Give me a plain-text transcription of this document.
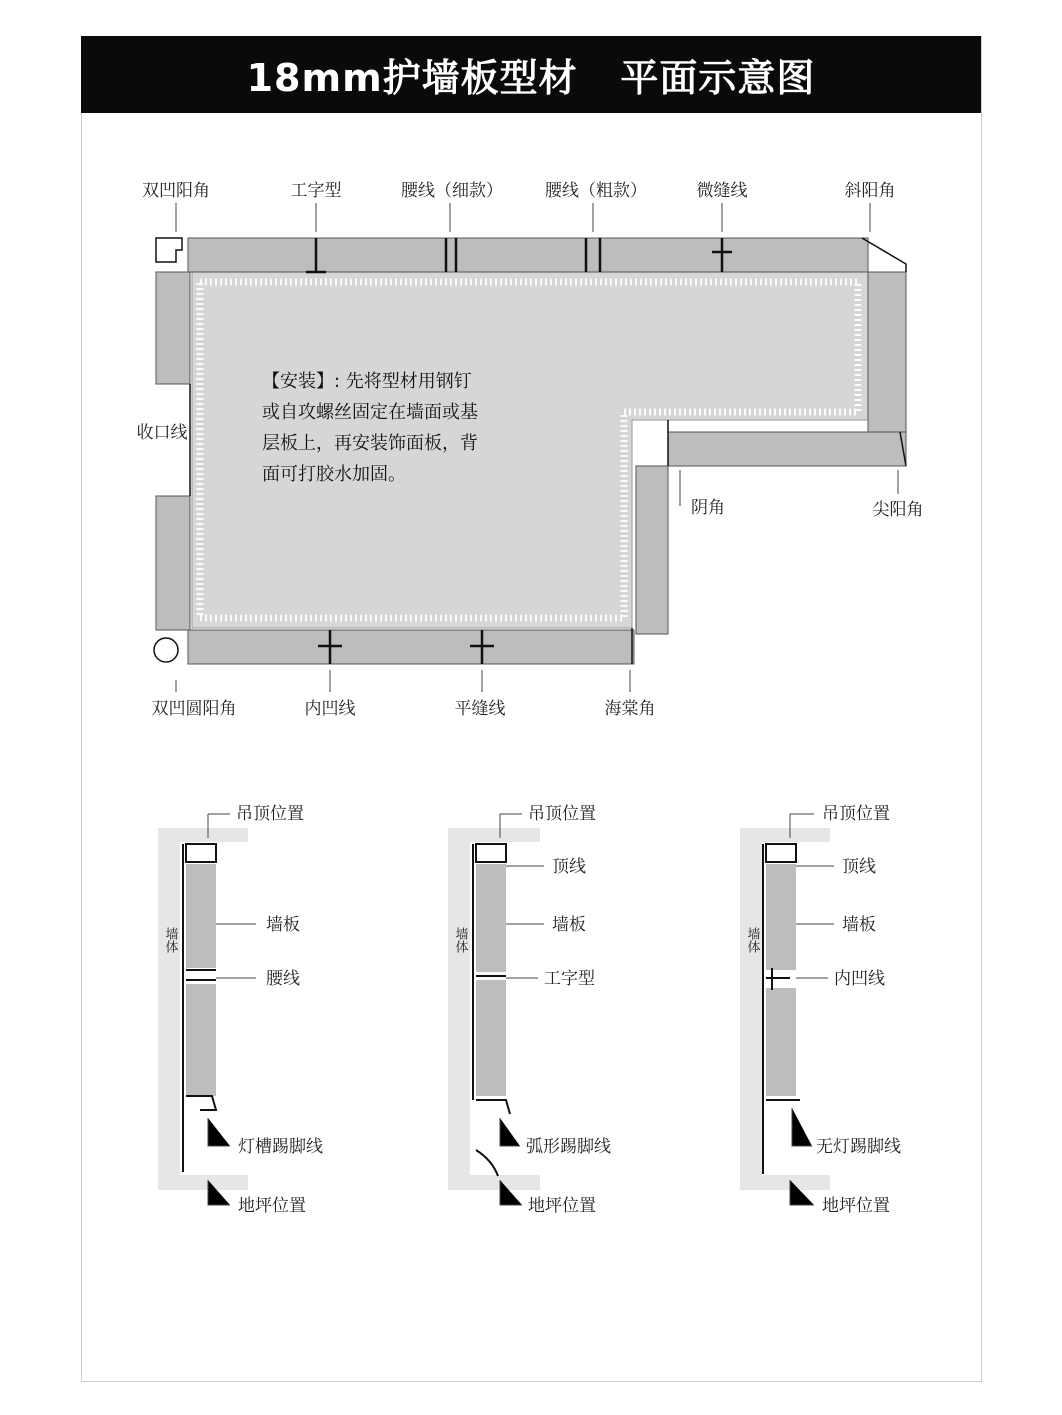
18mm护墙板型材   平面示意图
双凹阳角	工字型	腰线（细款） 腰线（粗款）	微缝线	斜阳角
收口线
阴角	尖阳角
双凹圆阳角	内凹线	平缝线	海棠角
墙体
吊顶位置
墙板
腰线
灯槽踢脚线
地坪位置
墙体
吊顶位置
顶线
墙板
工字型
弧形踢脚线
地坪位置
墙体
吊顶位置
顶线
墙板
内凹线
无灯踢脚线
地坪位置

【安装】: 先将型材用钢钉

或自攻螺丝固定在墙面或基

层板上，再安装饰面板，背

面可打胶水加固。
